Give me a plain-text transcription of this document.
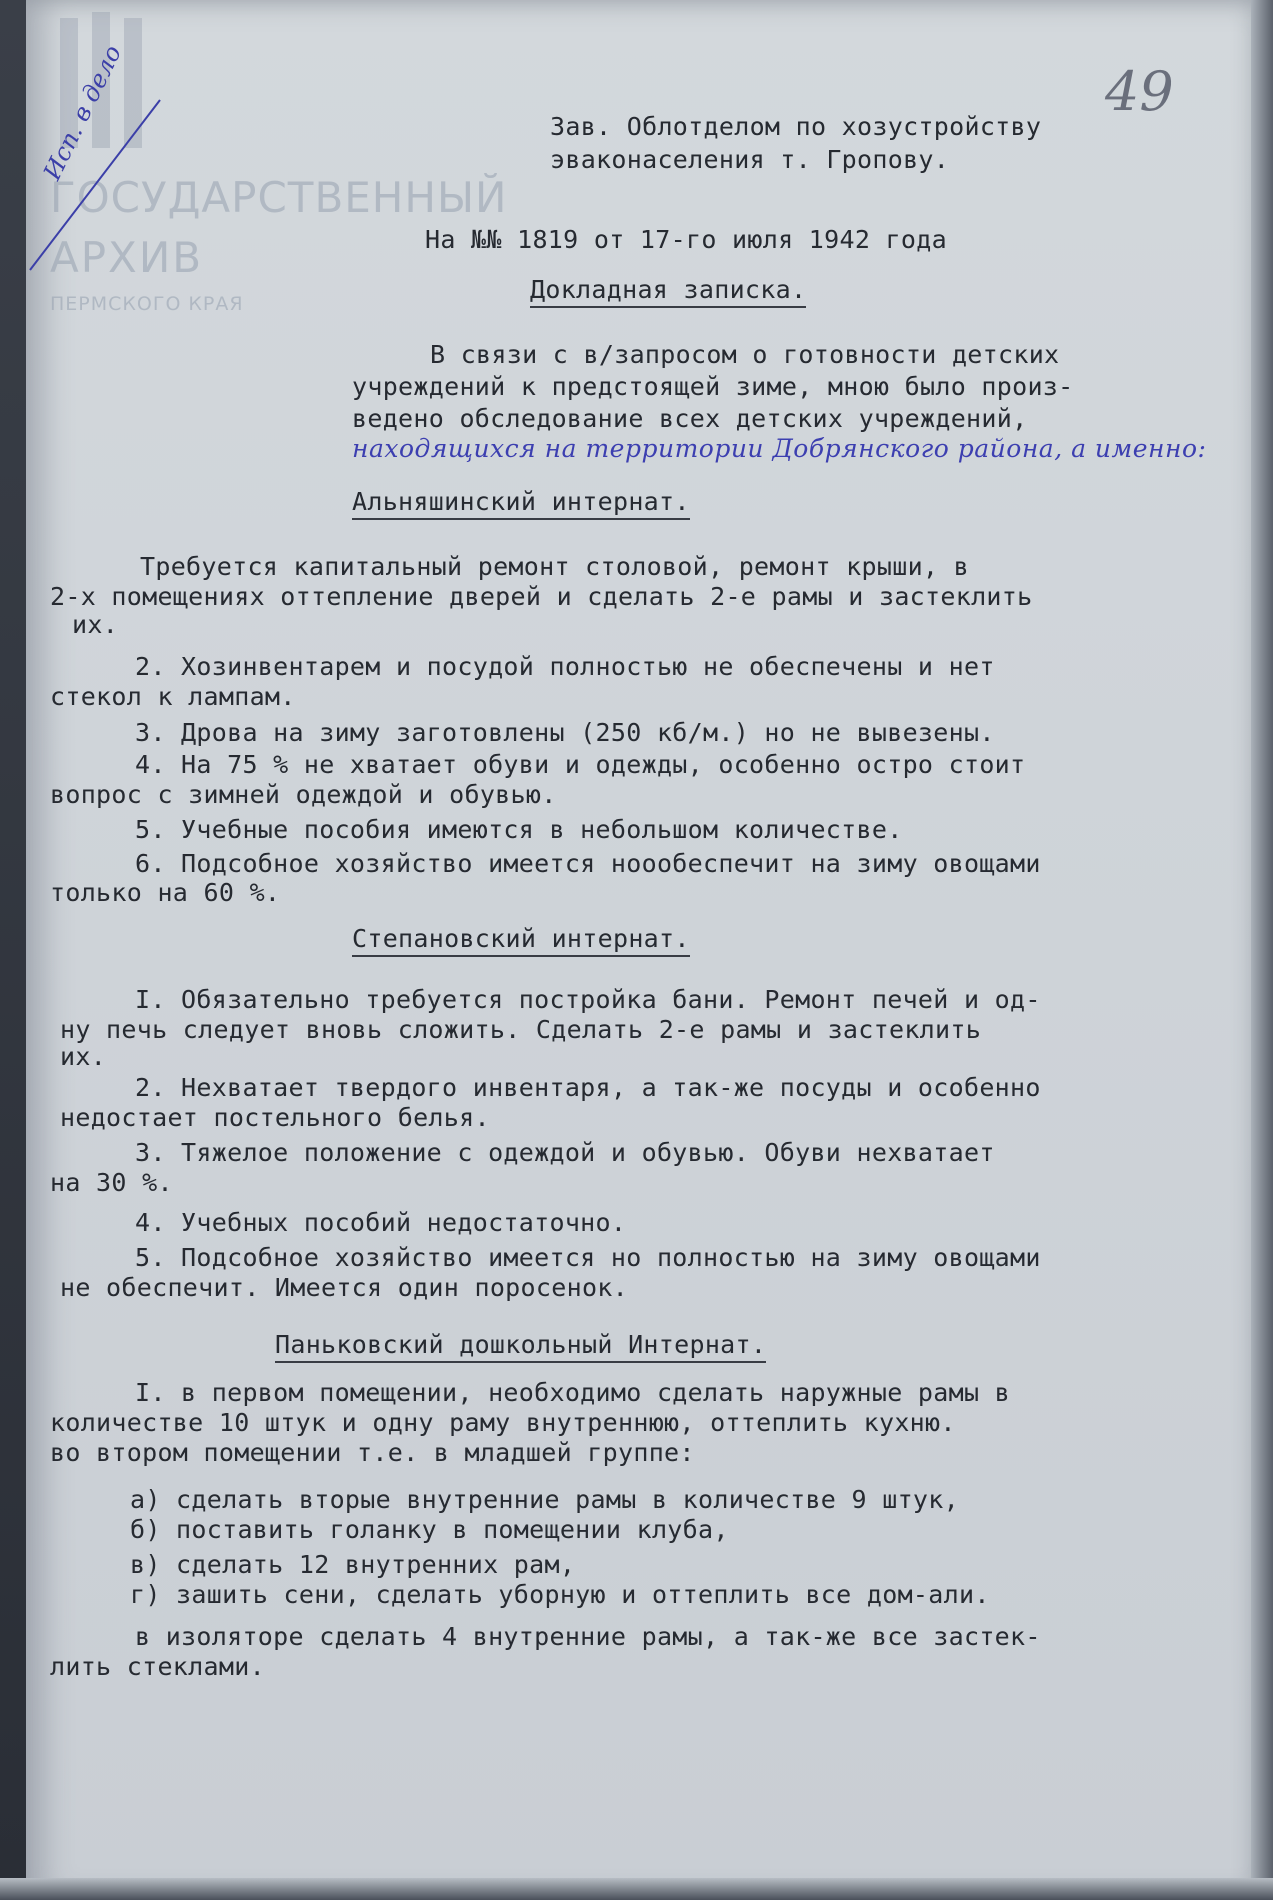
ГОСУДАРСТВЕННЫЙ
АРХИВ
ПЕРМСКОГО КРАЯ
Исп. в дело	49
Зав. Облотделом по хозустройству
эваконаселения т. Гропову.
На №№ 1819 от 17-го июля 1942 года
Докладная записка.
В связи с в/запросом о готовности детских
учреждений к предстоящей зиме, мною было произ-
ведено обследование всех детских учреждений,
находящихся на территории Добрянского района, а именно:
Альняшинский интернат.
Требуется капитальный ремонт столовой, ремонт крыши, в
2-х помещениях оттепление дверей и сделать 2-е рамы и застеклить
их.
2. Хозинвентарем и посудой полностью не обеспечены и нет
стекол к лампам.
3. Дрова на зиму заготовлены (250 кб/м.) но не вывезены.
4. На 75 % не хватает обуви и одежды, особенно остро стоит
вопрос с зимней одеждой и обувью.
5. Учебные пособия имеются в небольшом количестве.
6. Подсобное хозяйство имеется ноообеспечит на зиму овощами
только на 60 %.
Степановский интернат.
I. Обязательно требуется постройка бани. Ремонт печей и од-
ну печь следует вновь сложить. Сделать 2-е рамы и застеклить
их.
2. Нехватает твердого инвентаря, а так-же посуды и особенно
недостает постельного белья.
3. Тяжелое положение с одеждой и обувью. Обуви нехватает
на 30 %.
4. Учебных пособий недостаточно.
5. Подсобное хозяйство имеется но полностью на зиму овощами
не обеспечит. Имеется один поросенок.
Паньковский дошкольный Интернат.
I. в первом помещении, необходимо сделать наружные рамы в
количестве 10 штук и одну раму внутреннюю, оттеплить кухню.
во втором помещении т.е. в младшей группе:
а) сделать вторые внутренние рамы в количестве 9 штук,
б) поставить голанку в помещении клуба,
в) сделать 12 внутренних рам,
г) зашить сени, сделать уборную и оттеплить все дом-али.
в изоляторе сделать 4 внутренние рамы, а так-же все застек-
лить стеклами.
